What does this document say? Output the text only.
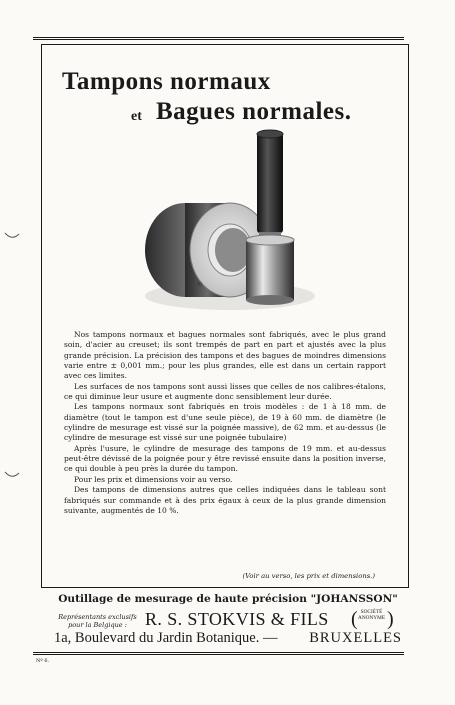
Tampons normaux
et Bagues normales.
AI

Nos tampons normaux et bagues normales sont fabriqués, avec le plus grand soin, d'acier au creuset; ils sont trempés de part en part et ajustés avec la plus grande précision. La précision des tampons et des bagues de moindres dimensions varie entre ± 0,001 mm.; pour les plus grandes, elle est dans un certain rapport avec ces limites.

Les surfaces de nos tampons sont aussi lisses que celles de nos calibres-étalons, ce qui diminue leur usure et augmente donc sensiblement leur durée.

Les tampons normaux sont fabriqués en trois modèles : de 1 à 18 mm. de diamètre (tout le tampon est d'une seule pièce), de 19 à 60 mm. de diamètre (le cylindre de mesurage est vissé sur la poignée massive), de 62 mm. et au-dessus (le cylindre de mesurage est vissé sur une poignée tubulaire)

Après l'usure, le cylindre de mesurage des tampons de 19 mm. et au-dessus peut-être dévissé de la poignée pour y être revissé ensuite dans la position inverse, ce qui double à peu près la durée du tampon.

Pour les prix et dimensions voir au verso.

Des tampons de dimensions autres que celles indiquées dans le tableau sont fabriqués sur commande et à des prix égaux à ceux de la plus grande dimension suivante, augmentés de 10 %.

(Voir au verso, les prix et dimensions.)
Outillage de mesurage de haute précision "JOHANSSON"
Représentants exclusifs
pour la Belgique :	R. S. STOKVIS & FILS ( SOCIÉTÉ
ANONYME )
1a, Boulevard du Jardin Botanique. — BRUXELLES
Nº 6.
